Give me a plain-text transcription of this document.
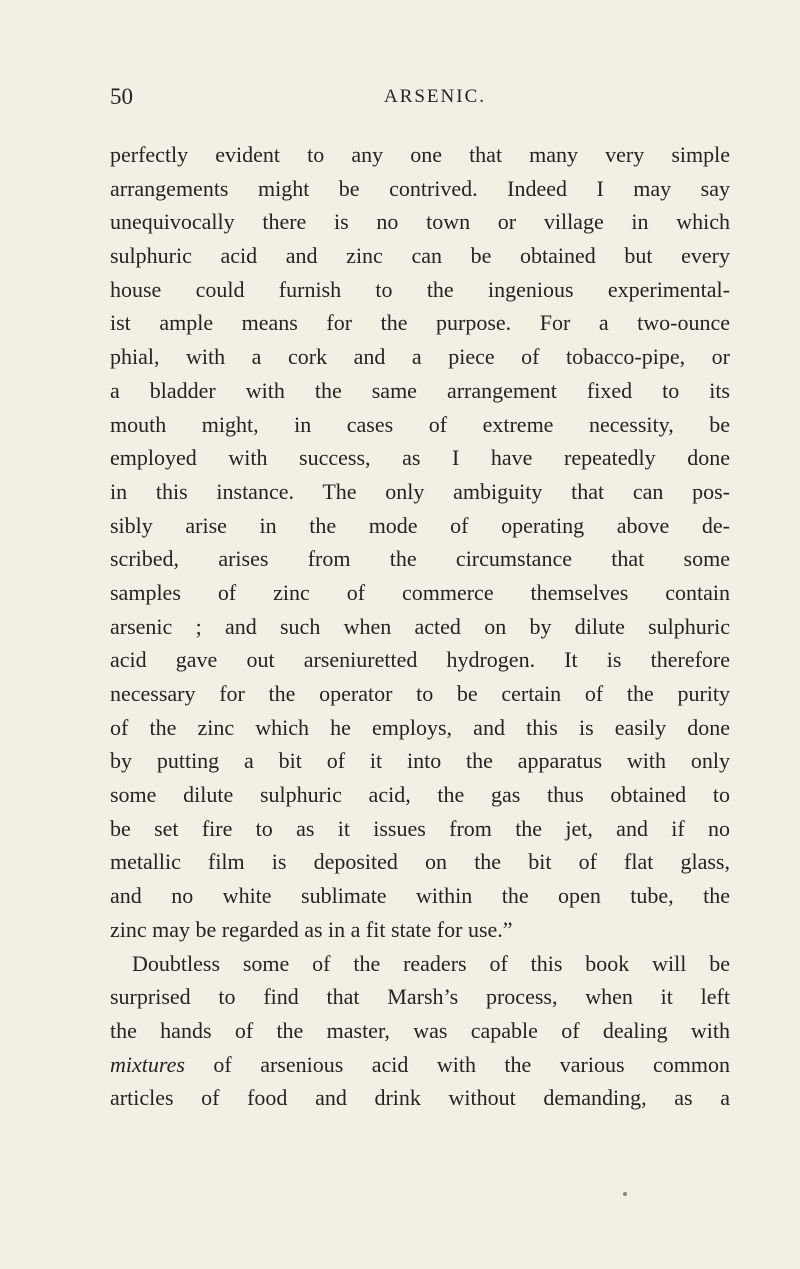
50	ARSENIC.
perfectly evident to any one that many very simple
arrangements might be contrived. Indeed I may say
unequivocally there is no town or village in which
sulphuric acid and zinc can be obtained but every
house could furnish to the ingenious experimental-
ist ample means for the purpose. For a two-ounce
phial, with a cork and a piece of tobacco-pipe, or
a bladder with the same arrangement fixed to its
mouth might, in cases of extreme necessity, be
employed with success, as I have repeatedly done
in this instance. The only ambiguity that can pos-
sibly arise in the mode of operating above de-
scribed, arises from the circumstance that some
samples of zinc of commerce themselves contain
arsenic ; and such when acted on by dilute sulphuric
acid gave out arseniuretted hydrogen. It is therefore
necessary for the operator to be certain of the purity
of the zinc which he employs, and this is easily done
by putting a bit of it into the apparatus with only
some dilute sulphuric acid, the gas thus obtained to
be set fire to as it issues from the jet, and if no
metallic film is deposited on the bit of flat glass,
and no white sublimate within the open tube, the
zinc may be regarded as in a fit state for use.”
Doubtless some of the readers of this book will be
surprised to find that Marsh’s process, when it left
the hands of the master, was capable of dealing with
mixtures of arsenious acid with the various common
articles of food and drink without demanding, as a
